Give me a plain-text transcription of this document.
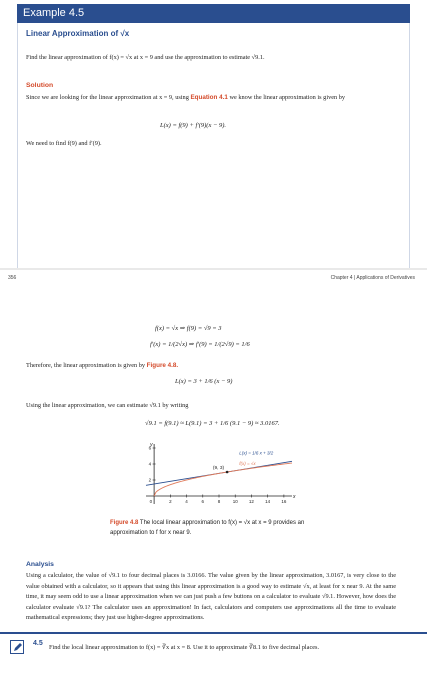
Example 4.5
Linear Approximation of √x
Find the linear approximation of f(x) = √x at x = 9 and use the approximation to estimate √9.1.
Solution
Since we are looking for the linear approximation at x = 9, using Equation 4.1 we know the linear approximation is given by
L(x) = f(9) + f′(9)(x − 9).
We need to find f(9) and f′(9).
356	Chapter 4 | Applications of Derivatives
f(x) = √x ⇒ f(9) = √9 = 3
f′(x) = 1/(2√x) ⇒ f′(9) = 1/(2√9) = 1/6
Therefore, the linear approximation is given by Figure 4.8.
L(x) = 3 + 1/6 (x − 9)
Using the linear approximation, we can estimate √9.1 by writing
√9.1 = f(9.1) ≈ L(9.1) = 3 + 1/6 (9.1 − 9) ≈ 3.0167.
2	4	6	8	10 12 14 16
0
2
4
6
x
y
L(x) = 1/6 x + 3/2
f(x) = √x
(9, 3)
Figure 4.8 The local linear approximation to f(x) = √x at x = 9 provides an approximation to f for x near 9.
Analysis
Using a calculator, the value of √9.1 to four decimal places is 3.0166. The value given by the linear approximation, 3.0167, is very close to the value obtained with a calculator, so it appears that using this linear approximation is a good way to estimate √x, at least for x near 9. At the same time, it may seem odd to use a linear approximation when we can just push a few buttons on a calculator to evaluate √9.1. However, how does the calculator evaluate √9.1? The calculator uses an approximation! In fact, calculators and computers use approximations all the time to evaluate mathematical expressions; they just use higher-degree approximations.
4.5
Find the local linear approximation to f(x) = ∛x at x = 8. Use it to approximate ∛8.1 to five decimal places.
